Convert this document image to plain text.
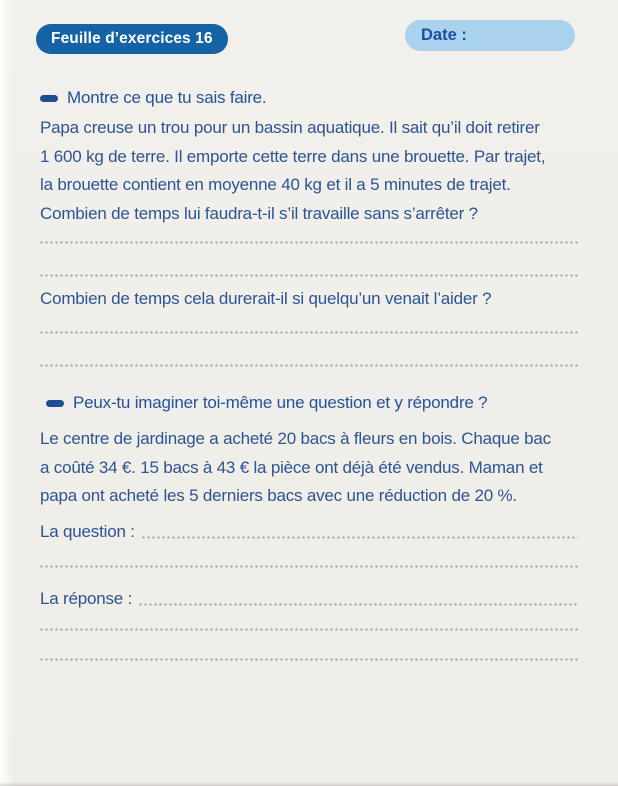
Feuille d’exercices 16	Date :
Montre ce que tu sais faire.
Papa creuse un trou pour un bassin aquatique. Il sait qu’il doit retirer
1 600 kg de terre. Il emporte cette terre dans une brouette. Par trajet,
la brouette contient en moyenne 40 kg et il a 5 minutes de trajet.
Combien de temps lui faudra-t-il s’il travaille sans s’arrêter ?
Combien de temps cela durerait-il si quelqu’un venait l’aider ?
Peux-tu imaginer toi-même une question et y répondre ?
Le centre de jardinage a acheté 20 bacs à fleurs en bois. Chaque bac
a coûté 34 €. 15 bacs à 43 € la pièce ont déjà été vendus. Maman et
papa ont acheté les 5 derniers bacs avec une réduction de 20 %.
La question :
La réponse :
